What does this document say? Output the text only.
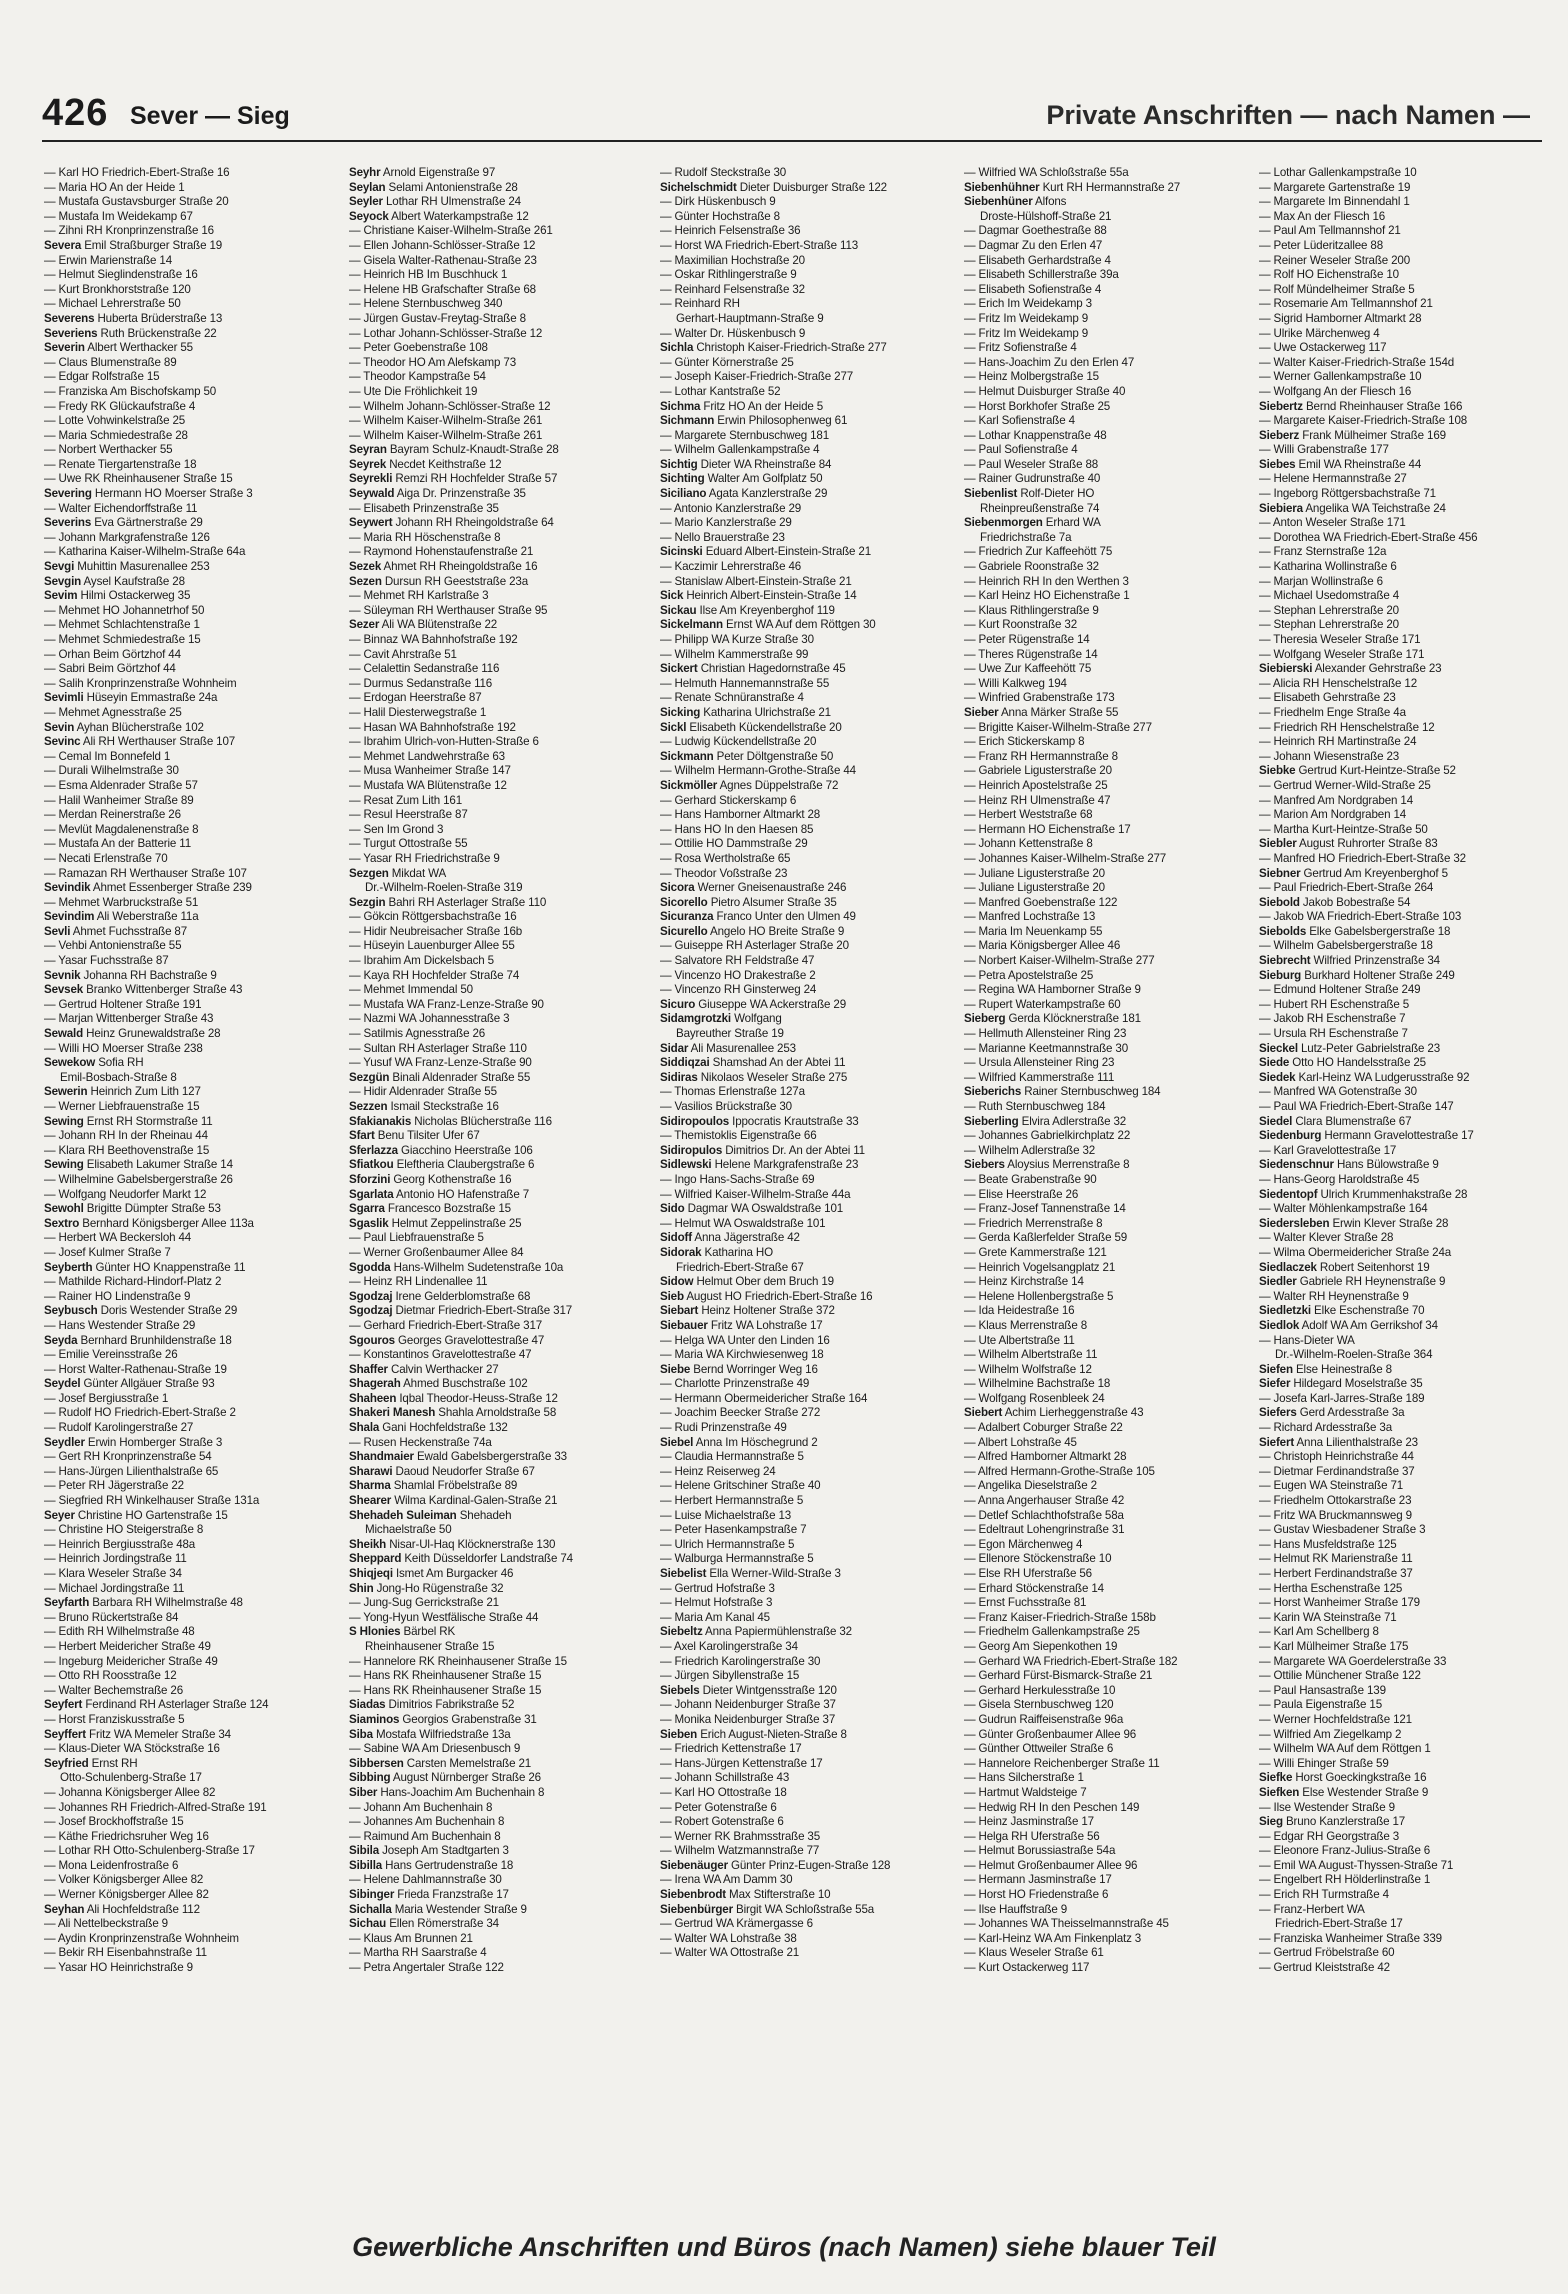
426 Sever — Sieg	Private Anschriften — nach Namen —
— Karl HO Friedrich-Ebert-Straße 16
— Maria HO An der Heide 1
— Mustafa Gustavsburger Straße 20
— Mustafa Im Weidekamp 67
— Zihni RH Kronprinzenstraße 16
Severa Emil Straßburger Straße 19
— Erwin Marienstraße 14
— Helmut Sieglindenstraße 16
— Kurt Bronkhorststraße 120
— Michael Lehrerstraße 50
Severens Huberta Brüderstraße 13
Severiens Ruth Brückenstraße 22
Severin Albert Werthacker 55
— Claus Blumenstraße 89
— Edgar Rolfstraße 15
— Franziska Am Bischofskamp 50
— Fredy RK Glückaufstraße 4
— Lotte Vohwinkelstraße 25
— Maria Schmiedestraße 28
— Norbert Werthacker 55
— Renate Tiergartenstraße 18
— Uwe RK Rheinhausener Straße 15
Severing Hermann HO Moerser Straße 3
— Walter Eichendorffstraße 11
Severins Eva Gärtnerstraße 29
— Johann Markgrafenstraße 126
— Katharina Kaiser-Wilhelm-Straße 64a
Sevgi Muhittin Masurenallee 253
Sevgin Aysel Kaufstraße 28
Sevim Hilmi Ostackerweg 35
— Mehmet HO Johannetrhof 50
— Mehmet Schlachtenstraße 1
— Mehmet Schmiedestraße 15
— Orhan Beim Görtzhof 44
— Sabri Beim Görtzhof 44
— Salih Kronprinzenstraße Wohnheim
Sevimli Hüseyin Emmastraße 24a
— Mehmet Agnesstraße 25
Sevin Ayhan Blücherstraße 102
Sevinc Ali RH Werthauser Straße 107
— Cemal Im Bonnefeld 1
— Durali Wilhelmstraße 30
— Esma Aldenrader Straße 57
— Halil Wanheimer Straße 89
— Merdan Reinerstraße 26
— Mevlüt Magdalenenstraße 8
— Mustafa An der Batterie 11
— Necati Erlenstraße 70
— Ramazan RH Werthauser Straße 107
Sevindik Ahmet Essenberger Straße 239
— Mehmet Warbruckstraße 51
Sevindim Ali Weberstraße 11a
Sevli Ahmet Fuchsstraße 87
— Vehbi Antonienstraße 55
— Yasar Fuchsstraße 87
Sevnik Johanna RH Bachstraße 9
Sevsek Branko Wittenberger Straße 43
— Gertrud Holtener Straße 191
— Marjan Wittenberger Straße 43
Sewald Heinz Grunewaldstraße 28
— Willi HO Moerser Straße 238
Sewekow Sofia RH
Emil-Bosbach-Straße 8
Sewerin Heinrich Zum Lith 127
— Werner Liebfrauenstraße 15
Sewing Ernst RH Stormstraße 11
— Johann RH In der Rheinau 44
— Klara RH Beethovenstraße 15
Sewing Elisabeth Lakumer Straße 14
— Wilhelmine Gabelsbergerstraße 26
— Wolfgang Neudorfer Markt 12
Sewohl Brigitte Dümpter Straße 53
Sextro Bernhard Königsberger Allee 113a
— Herbert WA Beckersloh 44
— Josef Kulmer Straße 7
Seyberth Günter HO Knappenstraße 11
— Mathilde Richard-Hindorf-Platz 2
— Rainer HO Lindenstraße 9
Seybusch Doris Westender Straße 29
— Hans Westender Straße 29
Seyda Bernhard Brunhildenstraße 18
— Emilie Vereinsstraße 26
— Horst Walter-Rathenau-Straße 19
Seydel Günter Allgäuer Straße 93
— Josef Bergiusstraße 1
— Rudolf HO Friedrich-Ebert-Straße 2
— Rudolf Karolingerstraße 27
Seydler Erwin Homberger Straße 3
— Gert RH Kronprinzenstraße 54
— Hans-Jürgen Lilienthalstraße 65
— Peter RH Jägerstraße 22
— Siegfried RH Winkelhauser Straße 131a
Seyer Christine HO Gartenstraße 15
— Christine HO Steigerstraße 8
— Heinrich Bergiusstraße 48a
— Heinrich Jordingstraße 11
— Klara Weseler Straße 34
— Michael Jordingstraße 11
Seyfarth Barbara RH Wilhelmstraße 48
— Bruno Rückertstraße 84
— Edith RH Wilhelmstraße 48
— Herbert Meidericher Straße 49
— Ingeburg Meidericher Straße 49
— Otto RH Roosstraße 12
— Walter Bechemstraße 26
Seyfert Ferdinand RH Asterlager Straße 124
— Horst Franziskusstraße 5
Seyffert Fritz WA Memeler Straße 34
— Klaus-Dieter WA Stöckstraße 16
Seyfried Ernst RH
Otto-Schulenberg-Straße 17
— Johanna Königsberger Allee 82
— Johannes RH Friedrich-Alfred-Straße 191
— Josef Brockhoffstraße 15
— Käthe Friedrichsruher Weg 16
— Lothar RH Otto-Schulenberg-Straße 17
— Mona Leidenfrostraße 6
— Volker Königsberger Allee 82
— Werner Königsberger Allee 82
Seyhan Ali Hochfeldstraße 112
— Ali Nettelbeckstraße 9
— Aydin Kronprinzenstraße Wohnheim
— Bekir RH Eisenbahnstraße 11
— Yasar HO Heinrichstraße 9
Seyhr Arnold Eigenstraße 97
Seylan Selami Antonienstraße 28
Seyler Lothar RH Ulmenstraße 24
Seyock Albert Waterkampstraße 12
— Christiane Kaiser-Wilhelm-Straße 261
— Ellen Johann-Schlösser-Straße 12
— Gisela Walter-Rathenau-Straße 23
— Heinrich HB Im Buschhuck 1
— Helene HB Grafschafter Straße 68
— Helene Sternbuschweg 340
— Jürgen Gustav-Freytag-Straße 8
— Lothar Johann-Schlösser-Straße 12
— Peter Goebenstraße 108
— Theodor HO Am Alefskamp 73
— Theodor Kampstraße 54
— Ute Die Fröhlichkeit 19
— Wilhelm Johann-Schlösser-Straße 12
— Wilhelm Kaiser-Wilhelm-Straße 261
— Wilhelm Kaiser-Wilhelm-Straße 261
Seyran Bayram Schulz-Knaudt-Straße 28
Seyrek Necdet Keithstraße 12
Seyrekli Remzi RH Hochfelder Straße 57
Seywald Aiga Dr. Prinzenstraße 35
— Elisabeth Prinzenstraße 35
Seywert Johann RH Rheingoldstraße 64
— Maria RH Höschenstraße 8
— Raymond Hohenstaufenstraße 21
Sezek Ahmet RH Rheingoldstraße 16
Sezen Dursun RH Geeststraße 23a
— Mehmet RH Karlstraße 3
— Süleyman RH Werthauser Straße 95
Sezer Ali WA Blütenstraße 22
— Binnaz WA Bahnhofstraße 192
— Cavit Ahrstraße 51
— Celalettin Sedanstraße 116
— Durmus Sedanstraße 116
— Erdogan Heerstraße 87
— Halil Diesterwegstraße 1
— Hasan WA Bahnhofstraße 192
— Ibrahim Ulrich-von-Hutten-Straße 6
— Mehmet Landwehrstraße 63
— Musa Wanheimer Straße 147
— Mustafa WA Blütenstraße 12
— Resat Zum Lith 161
— Resul Heerstraße 87
— Sen Im Grond 3
— Turgut Ottostraße 55
— Yasar RH Friedrichstraße 9
Sezgen Mikdat WA
Dr.-Wilhelm-Roelen-Straße 319
Sezgin Bahri RH Asterlager Straße 110
— Gökcin Röttgersbachstraße 16
— Hidir Neubreisacher Straße 16b
— Hüseyin Lauenburger Allee 55
— Ibrahim Am Dickelsbach 5
— Kaya RH Hochfelder Straße 74
— Mehmet Immendal 50
— Mustafa WA Franz-Lenze-Straße 90
— Nazmi WA Johannesstraße 3
— Satilmis Agnesstraße 26
— Sultan RH Asterlager Straße 110
— Yusuf WA Franz-Lenze-Straße 90
Sezgün Binali Aldenrader Straße 55
— Hidir Aldenrader Straße 55
Sezzen Ismail Steckstraße 16
Sfakianakis Nicholas Blücherstraße 116
Sfart Benu Tilsiter Ufer 67
Sferlazza Giacchino Heerstraße 106
Sfiatkou Eleftheria Claubergstraße 6
Sforzini Georg Kothenstraße 16
Sgarlata Antonio HO Hafenstraße 7
Sgarra Francesco Bozstraße 15
Sgaslik Helmut Zeppelinstraße 25
— Paul Liebfrauenstraße 5
— Werner Großenbaumer Allee 84
Sgodda Hans-Wilhelm Sudetenstraße 10a
— Heinz RH Lindenallee 11
Sgodzaj Irene Gelderblomstraße 68
Sgodzaj Dietmar Friedrich-Ebert-Straße 317
— Gerhard Friedrich-Ebert-Straße 317
Sgouros Georges Gravelottestraße 47
— Konstantinos Gravelottestraße 47
Shaffer Calvin Werthacker 27
Shagerah Ahmed Buschstraße 102
Shaheen Iqbal Theodor-Heuss-Straße 12
Shakeri Manesh Shahla Arnoldstraße 58
Shala Gani Hochfeldstraße 132
— Rusen Heckenstraße 74a
Shandmaier Ewald Gabelsbergerstraße 33
Sharawi Daoud Neudorfer Straße 67
Sharma Shamlal Fröbelstraße 89
Shearer Wilma Kardinal-Galen-Straße 21
Shehadeh Suleiman Shehadeh
Michaelstraße 50
Sheikh Nisar-Ul-Haq Klöcknerstraße 130
Sheppard Keith Düsseldorfer Landstraße 74
Shiqjeqi Ismet Am Burgacker 46
Shin Jong-Ho Rügenstraße 32
— Jung-Sug Gerrickstraße 21
— Yong-Hyun Westfälische Straße 44
S Hlonies Bärbel RK
Rheinhausener Straße 15
— Hannelore RK Rheinhausener Straße 15
— Hans RK Rheinhausener Straße 15
— Hans RK Rheinhausener Straße 15
Siadas Dimitrios Fabrikstraße 52
Siaminos Georgios Grabenstraße 31
Siba Mostafa Wilfriedstraße 13a
— Sabine WA Am Driesenbusch 9
Sibbersen Carsten Memelstraße 21
Sibbing August Nürnberger Straße 26
Siber Hans-Joachim Am Buchenhain 8
— Johann Am Buchenhain 8
— Johannes Am Buchenhain 8
— Raimund Am Buchenhain 8
Sibila Joseph Am Stadtgarten 3
Sibilla Hans Gertrudenstraße 18
— Helene Dahlmannstraße 30
Sibinger Frieda Franzstraße 17
Sichalla Maria Westender Straße 9
Sichau Ellen Römerstraße 34
— Klaus Am Brunnen 21
— Martha RH Saarstraße 4
— Petra Angertaler Straße 122
— Rudolf Steckstraße 30
Sichelschmidt Dieter Duisburger Straße 122
— Dirk Hüskenbusch 9
— Günter Hochstraße 8
— Heinrich Felsenstraße 36
— Horst WA Friedrich-Ebert-Straße 113
— Maximilian Hochstraße 20
— Oskar Rithlingerstraße 9
— Reinhard Felsenstraße 32
— Reinhard RH
Gerhart-Hauptmann-Straße 9
— Walter Dr. Hüskenbusch 9
Sichla Christoph Kaiser-Friedrich-Straße 277
— Günter Körnerstraße 25
— Joseph Kaiser-Friedrich-Straße 277
— Lothar Kantstraße 52
Sichma Fritz HO An der Heide 5
Sichmann Erwin Philosophenweg 61
— Margarete Sternbuschweg 181
— Wilhelm Gallenkampstraße 4
Sichtig Dieter WA Rheinstraße 84
Sichting Walter Am Golfplatz 50
Siciliano Agata Kanzlerstraße 29
— Antonio Kanzlerstraße 29
— Mario Kanzlerstraße 29
— Nello Brauerstraße 23
Sicinski Eduard Albert-Einstein-Straße 21
— Kaczimir Lehrerstraße 46
— Stanislaw Albert-Einstein-Straße 21
Sick Heinrich Albert-Einstein-Straße 14
Sickau Ilse Am Kreyenberghof 119
Sickelmann Ernst WA Auf dem Röttgen 30
— Philipp WA Kurze Straße 30
— Wilhelm Kammerstraße 99
Sickert Christian Hagedornstraße 45
— Helmuth Hannemannstraße 55
— Renate Schnüranstraße 4
Sicking Katharina Ulrichstraße 21
Sickl Elisabeth Kückendellstraße 20
— Ludwig Kückendellstraße 20
Sickmann Peter Döltgenstraße 50
— Wilhelm Hermann-Grothe-Straße 44
Sickmöller Agnes Düppelstraße 72
— Gerhard Stickerskamp 6
— Hans Hamborner Altmarkt 28
— Hans HO In den Haesen 85
— Ottilie HO Dammstraße 29
— Rosa Wertholstraße 65
— Theodor Voßstraße 23
Sicora Werner Gneisenaustraße 246
Sicorello Pietro Alsumer Straße 35
Sicuranza Franco Unter den Ulmen 49
Sicurello Angelo HO Breite Straße 9
— Guiseppe RH Asterlager Straße 20
— Salvatore RH Feldstraße 47
— Vincenzo HO Drakestraße 2
— Vincenzo RH Ginsterweg 24
Sicuro Giuseppe WA Ackerstraße 29
Sidamgrotzki Wolfgang
Bayreuther Straße 19
Sidar Ali Masurenallee 253
Siddiqzai Shamshad An der Abtei 11
Sidiras Nikolaos Weseler Straße 275
— Thomas Erlenstraße 127a
— Vasilios Brückstraße 30
Sidiropoulos Ippocratis Krautstraße 33
— Themistoklis Eigenstraße 66
Sidiropulos Dimitrios Dr. An der Abtei 11
Sidlewski Helene Markgrafenstraße 23
— Ingo Hans-Sachs-Straße 69
— Wilfried Kaiser-Wilhelm-Straße 44a
Sido Dagmar WA Oswaldstraße 101
— Helmut WA Oswaldstraße 101
Sidoff Anna Jägerstraße 42
Sidorak Katharina HO
Friedrich-Ebert-Straße 67
Sidow Helmut Ober dem Bruch 19
Sieb August HO Friedrich-Ebert-Straße 16
Siebart Heinz Holtener Straße 372
Siebauer Fritz WA Lohstraße 17
— Helga WA Unter den Linden 16
— Maria WA Kirchwiesenweg 18
Siebe Bernd Worringer Weg 16
— Charlotte Prinzenstraße 49
— Hermann Obermeidericher Straße 164
— Joachim Beecker Straße 272
— Rudi Prinzenstraße 49
Siebel Anna Im Höschegrund 2
— Claudia Hermannstraße 5
— Heinz Reiserweg 24
— Helene Gritschiner Straße 40
— Herbert Hermannstraße 5
— Luise Michaelstraße 13
— Peter Hasenkampstraße 7
— Ulrich Hermannstraße 5
— Walburga Hermannstraße 5
Siebelist Ella Werner-Wild-Straße 3
— Gertrud Hofstraße 3
— Helmut Hofstraße 3
— Maria Am Kanal 45
Siebeltz Anna Papiermühlenstraße 32
— Axel Karolingerstraße 34
— Friedrich Karolingerstraße 30
— Jürgen Sibyllenstraße 15
Siebels Dieter Wintgensstraße 120
— Johann Neidenburger Straße 37
— Monika Neidenburger Straße 37
Sieben Erich August-Nieten-Straße 8
— Friedrich Kettenstraße 17
— Hans-Jürgen Kettenstraße 17
— Johann Schillstraße 43
— Karl HO Ottostraße 18
— Peter Gotenstraße 6
— Robert Gotenstraße 6
— Werner RK Brahmsstraße 35
— Wilhelm Watzmannstraße 77
Siebenäuger Günter Prinz-Eugen-Straße 128
— Irena WA Am Damm 30
Siebenbrodt Max Stifterstraße 10
Siebenbürger Birgit WA Schloßstraße 55a
— Gertrud WA Krämergasse 6
— Walter WA Lohstraße 38
— Walter WA Ottostraße 21
— Wilfried WA Schloßstraße 55a
Siebenhühner Kurt RH Hermannstraße 27
Siebenhüner Alfons
Droste-Hülshoff-Straße 21
— Dagmar Goethestraße 88
— Dagmar Zu den Erlen 47
— Elisabeth Gerhardstraße 4
— Elisabeth Schillerstraße 39a
— Elisabeth Sofienstraße 4
— Erich Im Weidekamp 3
— Fritz Im Weidekamp 9
— Fritz Im Weidekamp 9
— Fritz Sofienstraße 4
— Hans-Joachim Zu den Erlen 47
— Heinz Molbergstraße 15
— Helmut Duisburger Straße 40
— Horst Borkhofer Straße 25
— Karl Sofienstraße 4
— Lothar Knappenstraße 48
— Paul Sofienstraße 4
— Paul Weseler Straße 88
— Rainer Gudrunstraße 40
Siebenlist Rolf-Dieter HO
Rheinpreußenstraße 74
Siebenmorgen Erhard WA
Friedrichstraße 7a
— Friedrich Zur Kaffeehött 75
— Gabriele Roonstraße 32
— Heinrich RH In den Werthen 3
— Karl Heinz HO Eichenstraße 1
— Klaus Rithlingerstraße 9
— Kurt Roonstraße 32
— Peter Rügenstraße 14
— Theres Rügenstraße 14
— Uwe Zur Kaffeehött 75
— Willi Kalkweg 194
— Winfried Grabenstraße 173
Sieber Anna Märker Straße 55
— Brigitte Kaiser-Wilhelm-Straße 277
— Erich Stickerskamp 8
— Franz RH Hermannstraße 8
— Gabriele Ligusterstraße 20
— Heinrich Apostelstraße 25
— Heinz RH Ulmenstraße 47
— Herbert Weststraße 68
— Hermann HO Eichenstraße 17
— Johann Kettenstraße 8
— Johannes Kaiser-Wilhelm-Straße 277
— Juliane Ligusterstraße 20
— Juliane Ligusterstraße 20
— Manfred Goebenstraße 122
— Manfred Lochstraße 13
— Maria Im Neuenkamp 55
— Maria Königsberger Allee 46
— Norbert Kaiser-Wilhelm-Straße 277
— Petra Apostelstraße 25
— Regina WA Hamborner Straße 9
— Rupert Waterkampstraße 60
Sieberg Gerda Klöcknerstraße 181
— Hellmuth Allensteiner Ring 23
— Marianne Keetmannstraße 30
— Ursula Allensteiner Ring 23
— Wilfried Kammerstraße 111
Sieberichs Rainer Sternbuschweg 184
— Ruth Sternbuschweg 184
Sieberling Elvira Adlerstraße 32
— Johannes Gabrielkirchplatz 22
— Wilhelm Adlerstraße 32
Siebers Aloysius Merrenstraße 8
— Beate Grabenstraße 90
— Elise Heerstraße 26
— Franz-Josef Tannenstraße 14
— Friedrich Merrenstraße 8
— Gerda Kaßlerfelder Straße 59
— Grete Kammerstraße 121
— Heinrich Vogelsangplatz 21
— Heinz Kirchstraße 14
— Helene Hollenbergstraße 5
— Ida Heidestraße 16
— Klaus Merrenstraße 8
— Ute Albertstraße 11
— Wilhelm Albertstraße 11
— Wilhelm Wolfstraße 12
— Wilhelmine Bachstraße 18
— Wolfgang Rosenbleek 24
Siebert Achim Lierheggenstraße 43
— Adalbert Coburger Straße 22
— Albert Lohstraße 45
— Alfred Hamborner Altmarkt 28
— Alfred Hermann-Grothe-Straße 105
— Angelika Dieselstraße 2
— Anna Angerhauser Straße 42
— Detlef Schlachthofstraße 58a
— Edeltraut Lohengrinstraße 31
— Egon Märchenweg 4
— Ellenore Stöckenstraße 10
— Else RH Uferstraße 56
— Erhard Stöckenstraße 14
— Ernst Fuchsstraße 81
— Franz Kaiser-Friedrich-Straße 158b
— Friedhelm Gallenkampstraße 25
— Georg Am Siepenkothen 19
— Gerhard WA Friedrich-Ebert-Straße 182
— Gerhard Fürst-Bismarck-Straße 21
— Gerhard Herkulesstraße 10
— Gisela Sternbuschweg 120
— Gudrun Raiffeisenstraße 96a
— Günter Großenbaumer Allee 96
— Günther Ottweiler Straße 6
— Hannelore Reichenberger Straße 11
— Hans Silcherstraße 1
— Hartmut Waldsteige 7
— Hedwig RH In den Peschen 149
— Heinz Jasminstraße 17
— Helga RH Uferstraße 56
— Helmut Borussiastraße 54a
— Helmut Großenbaumer Allee 96
— Hermann Jasminstraße 17
— Horst HO Friedenstraße 6
— Ilse Hauffstraße 9
— Johannes WA Theisselmannstraße 45
— Karl-Heinz WA Am Finkenplatz 3
— Klaus Weseler Straße 61
— Kurt Ostackerweg 117
— Lothar Gallenkampstraße 10
— Margarete Gartenstraße 19
— Margarete Im Binnendahl 1
— Max An der Fliesch 16
— Paul Am Tellmannshof 21
— Peter Lüderitzallee 88
— Reiner Weseler Straße 200
— Rolf HO Eichenstraße 10
— Rolf Mündelheimer Straße 5
— Rosemarie Am Tellmannshof 21
— Sigrid Hamborner Altmarkt 28
— Ulrike Märchenweg 4
— Uwe Ostackerweg 117
— Walter Kaiser-Friedrich-Straße 154d
— Werner Gallenkampstraße 10
— Wolfgang An der Fliesch 16
Siebertz Bernd Rheinhauser Straße 166
— Margarete Kaiser-Friedrich-Straße 108
Sieberz Frank Mülheimer Straße 169
— Willi Grabenstraße 177
Siebes Emil WA Rheinstraße 44
— Helene Hermannstraße 27
— Ingeborg Röttgersbachstraße 71
Siebiera Angelika WA Teichstraße 24
— Anton Weseler Straße 171
— Dorothea WA Friedrich-Ebert-Straße 456
— Franz Sternstraße 12a
— Katharina Wollinstraße 6
— Marjan Wollinstraße 6
— Michael Usedomstraße 4
— Stephan Lehrerstraße 20
— Stephan Lehrerstraße 20
— Theresia Weseler Straße 171
— Wolfgang Weseler Straße 171
Siebierski Alexander Gehrstraße 23
— Alicia RH Henschelstraße 12
— Elisabeth Gehrstraße 23
— Friedhelm Enge Straße 4a
— Friedrich RH Henschelstraße 12
— Heinrich RH Martinstraße 24
— Johann Wiesenstraße 23
Siebke Gertrud Kurt-Heintze-Straße 52
— Gertrud Werner-Wild-Straße 25
— Manfred Am Nordgraben 14
— Marion Am Nordgraben 14
— Martha Kurt-Heintze-Straße 50
Siebler August Ruhrorter Straße 83
— Manfred HO Friedrich-Ebert-Straße 32
Siebner Gertrud Am Kreyenberghof 5
— Paul Friedrich-Ebert-Straße 264
Siebold Jakob Bobestraße 54
— Jakob WA Friedrich-Ebert-Straße 103
Siebolds Elke Gabelsbergerstraße 18
— Wilhelm Gabelsbergerstraße 18
Siebrecht Wilfried Prinzenstraße 34
Sieburg Burkhard Holtener Straße 249
— Edmund Holtener Straße 249
— Hubert RH Eschenstraße 5
— Jakob RH Eschenstraße 7
— Ursula RH Eschenstraße 7
Sieckel Lutz-Peter Gabrielstraße 23
Siede Otto HO Handelsstraße 25
Siedek Karl-Heinz WA Ludgerusstraße 92
— Manfred WA Gotenstraße 30
— Paul WA Friedrich-Ebert-Straße 147
Siedel Clara Blumenstraße 67
Siedenburg Hermann Gravelottestraße 17
— Karl Gravelottestraße 17
Siedenschnur Hans Bülowstraße 9
— Hans-Georg Haroldstraße 45
Siedentopf Ulrich Krummenhakstraße 28
— Walter Möhlenkampstraße 164
Siedersleben Erwin Klever Straße 28
— Walter Klever Straße 28
— Wilma Obermeidericher Straße 24a
Siedlaczek Robert Seitenhorst 19
Siedler Gabriele RH Heynenstraße 9
— Walter RH Heynenstraße 9
Siedletzki Elke Eschenstraße 70
Siedlok Adolf WA Am Gerrikshof 34
— Hans-Dieter WA
Dr.-Wilhelm-Roelen-Straße 364
Siefen Else Heinestraße 8
Siefer Hildegard Moselstraße 35
— Josefa Karl-Jarres-Straße 189
Siefers Gerd Ardesstraße 3a
— Richard Ardesstraße 3a
Siefert Anna Lilienthalstraße 23
— Christoph Heinrichstraße 44
— Dietmar Ferdinandstraße 37
— Eugen WA Steinstraße 71
— Friedhelm Ottokarstraße 23
— Fritz WA Bruckmannsweg 9
— Gustav Wiesbadener Straße 3
— Hans Musfeldstraße 125
— Helmut RK Marienstraße 11
— Herbert Ferdinandstraße 37
— Hertha Eschenstraße 125
— Horst Wanheimer Straße 179
— Karin WA Steinstraße 71
— Karl Am Schellberg 8
— Karl Mülheimer Straße 175
— Margarete WA Goerdelerstraße 33
— Ottilie Münchener Straße 122
— Paul Hansastraße 139
— Paula Eigenstraße 15
— Werner Hochfeldstraße 121
— Wilfried Am Ziegelkamp 2
— Wilhelm WA Auf dem Röttgen 1
— Willi Ehinger Straße 59
Siefke Horst Goeckingkstraße 16
Siefken Else Westender Straße 9
— Ilse Westender Straße 9
Sieg Bruno Kanzlerstraße 17
— Edgar RH Georgstraße 3
— Eleonore Franz-Julius-Straße 6
— Emil WA August-Thyssen-Straße 71
— Engelbert RH Hölderlinstraße 1
— Erich RH Turmstraße 4
— Franz-Herbert WA
Friedrich-Ebert-Straße 17
— Franziska Wanheimer Straße 339
— Gertrud Fröbelstraße 60
— Gertrud Kleiststraße 42
Gewerbliche Anschriften und Büros (nach Namen) siehe blauer Teil
